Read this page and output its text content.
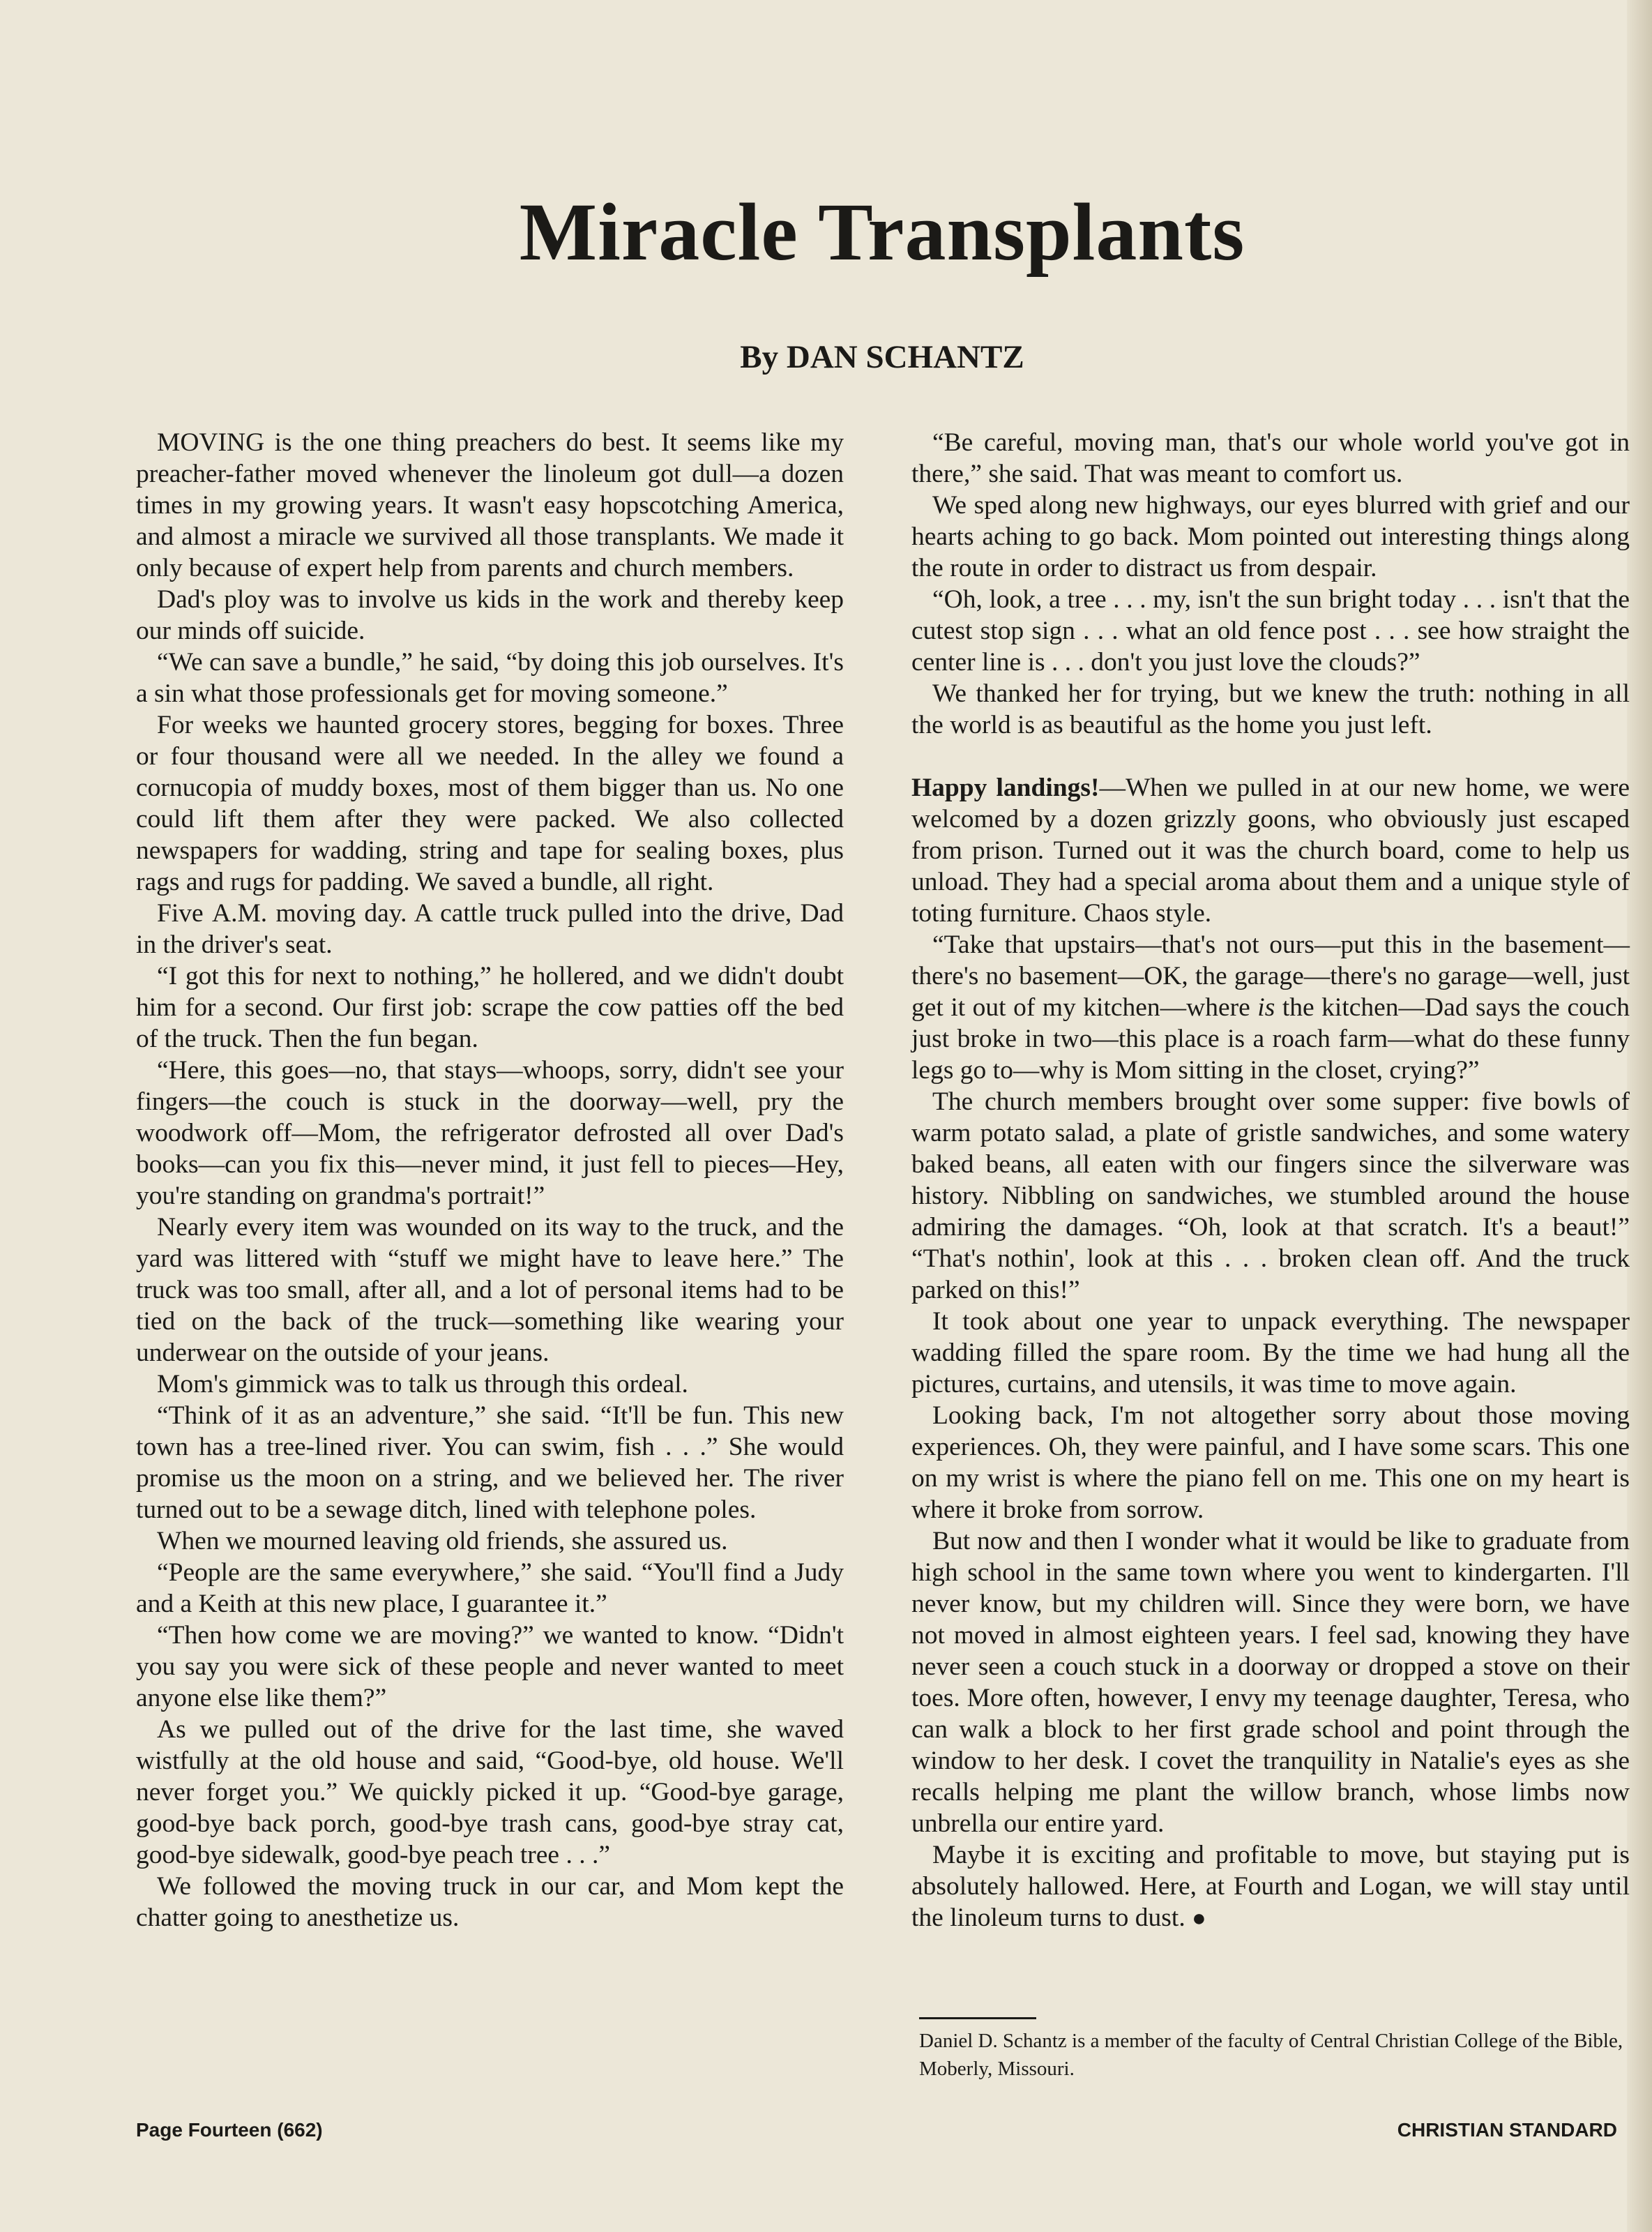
Miracle Transplants
By DAN SCHANTZ

MOVING is the one thing preachers do best. It seems like my preacher-father moved whenever the linoleum got dull—a dozen times in my growing years. It wasn't easy hopscotching America, and almost a miracle we survived all those transplants. We made it only because of expert help from parents and church members.

Dad's ploy was to involve us kids in the work and thereby keep our minds off suicide.

“We can save a bundle,” he said, “by doing this job ourselves. It's a sin what those professionals get for moving someone.”

For weeks we haunted grocery stores, begging for boxes. Three or four thousand were all we needed. In the alley we found a cornucopia of muddy boxes, most of them bigger than us. No one could lift them after they were packed. We also collected newspapers for wadding, string and tape for sealing boxes, plus rags and rugs for padding. We saved a bundle, all right.

Five A.M. moving day. A cattle truck pulled into the drive, Dad in the driver's seat.

“I got this for next to nothing,” he hollered, and we didn't doubt him for a second. Our first job: scrape the cow patties off the bed of the truck. Then the fun began.

“Here, this goes—no, that stays—whoops, sorry, didn't see your fingers—the couch is stuck in the doorway—well, pry the woodwork off—Mom, the refrigerator defrosted all over Dad's books—can you fix this—never mind, it just fell to pieces—Hey, you're standing on grandma's portrait!”

Nearly every item was wounded on its way to the truck, and the yard was littered with “stuff we might have to leave here.” The truck was too small, after all, and a lot of personal items had to be tied on the back of the truck—something like wearing your underwear on the outside of your jeans.

Mom's gimmick was to talk us through this ordeal.

“Think of it as an adventure,” she said. “It'll be fun. This new town has a tree-lined river. You can swim, fish . . .” She would promise us the moon on a string, and we believed her. The river turned out to be a sewage ditch, lined with telephone poles.

When we mourned leaving old friends, she assured us.

“People are the same everywhere,” she said. “You'll find a Judy and a Keith at this new place, I guarantee it.”

“Then how come we are moving?” we wanted to know. “Didn't you say you were sick of these people and never wanted to meet anyone else like them?”

As we pulled out of the drive for the last time, she waved wistfully at the old house and said, “Good-bye, old house. We'll never forget you.” We quickly picked it up. “Good-bye garage, good-bye back porch, good-bye trash cans, good-bye stray cat, good-bye sidewalk, good-bye peach tree . . .”

We followed the moving truck in our car, and Mom kept the chatter going to anesthetize us.

“Be careful, moving man, that's our whole world you've got in there,” she said. That was meant to comfort us.

We sped along new highways, our eyes blurred with grief and our hearts aching to go back. Mom pointed out interesting things along the route in order to distract us from despair.

“Oh, look, a tree . . . my, isn't the sun bright today . . . isn't that the cutest stop sign . . . what an old fence post . . . see how straight the center line is . . . don't you just love the clouds?”

We thanked her for trying, but we knew the truth: nothing in all the world is as beautiful as the home you just left.

Happy landings!—When we pulled in at our new home, we were welcomed by a dozen grizzly goons, who obviously just escaped from prison. Turned out it was the church board, come to help us unload. They had a special aroma about them and a unique style of toting furniture. Chaos style.

“Take that upstairs—that's not ours—put this in the basement—there's no basement—OK, the garage—there's no garage—well, just get it out of my kitchen—where is the kitchen—Dad says the couch just broke in two—this place is a roach farm—what do these funny legs go to—why is Mom sitting in the closet, crying?”

The church members brought over some supper: five bowls of warm potato salad, a plate of gristle sandwiches, and some watery baked beans, all eaten with our fingers since the silverware was history. Nibbling on sandwiches, we stumbled around the house admiring the damages. “Oh, look at that scratch. It's a beaut!” “That's nothin', look at this . . . broken clean off. And the truck parked on this!”

It took about one year to unpack everything. The newspaper wadding filled the spare room. By the time we had hung all the pictures, curtains, and utensils, it was time to move again.

Looking back, I'm not altogether sorry about those moving experiences. Oh, they were painful, and I have some scars. This one on my wrist is where the piano fell on me. This one on my heart is where it broke from sorrow.

But now and then I wonder what it would be like to graduate from high school in the same town where you went to kindergarten. I'll never know, but my children will. Since they were born, we have not moved in almost eighteen years. I feel sad, knowing they have never seen a couch stuck in a doorway or dropped a stove on their toes. More often, however, I envy my teenage daughter, Teresa, who can walk a block to her first grade school and point through the window to her desk. I covet the tranquility in Natalie's eyes as she recalls helping me plant the willow branch, whose limbs now unbrella our entire yard.

Maybe it is exciting and profitable to move, but staying put is absolutely hallowed. Here, at Fourth and Logan, we will stay until the linoleum turns to dust. ●

Daniel D. Schantz is a member of the faculty of Central Christian College of the Bible, Moberly, Missouri.

Page Fourteen (662)	CHRISTIAN STANDARD
